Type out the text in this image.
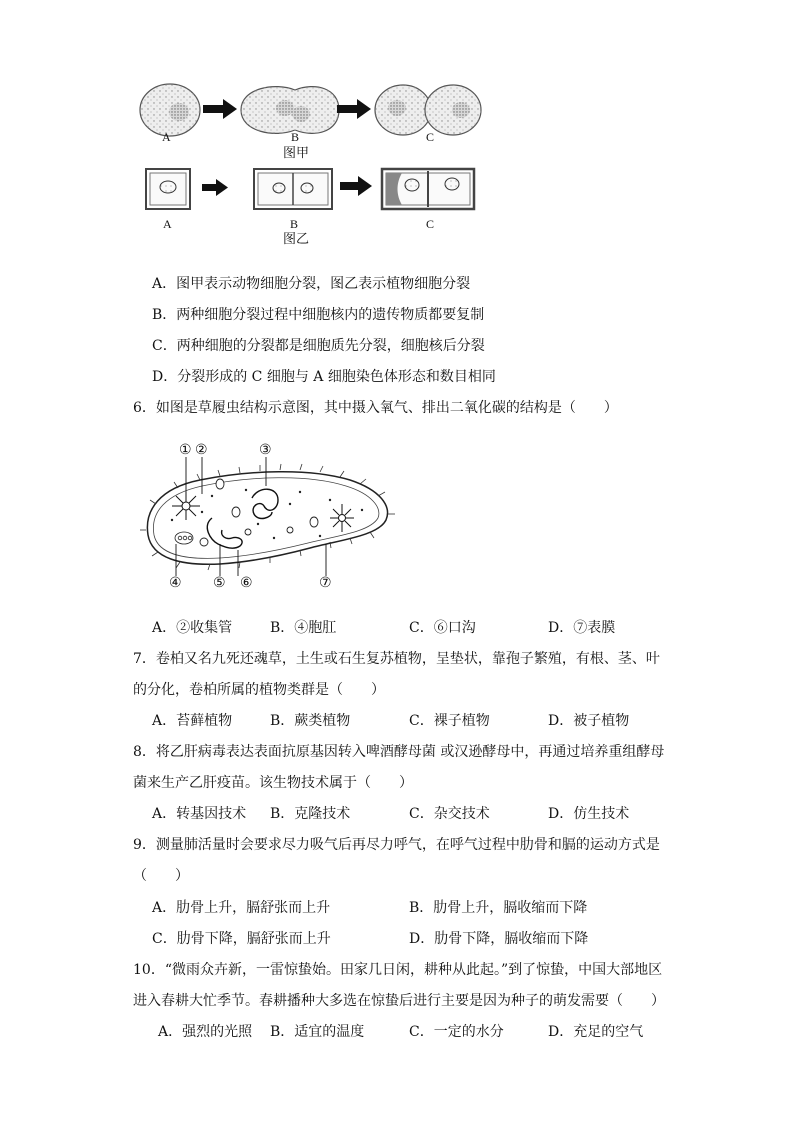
A	B	C
图甲
A	B	C
图乙
A．图甲表示动物细胞分裂，图乙表示植物细胞分裂
B．两种细胞分裂过程中细胞核内的遗传物质都要复制
C．两种细胞的分裂都是细胞质先分裂，细胞核后分裂
D．分裂形成的 C 细胞与 A 细胞染色体形态和数目相同
6．如图是草履虫结构示意图，其中摄入氧气、排出二氧化碳的结构是（　　）
① ②	③
④ ⑤ ⑥	⑦
A．②收集管	B．④胞肛	C．⑥口沟	D．⑦表膜
7．卷柏又名九死还魂草，土生或石生复苏植物，呈垫状，靠孢子繁殖，有根、茎、叶
的分化，卷柏所属的植物类群是（　　）
A．苔藓植物	B．蕨类植物	C．裸子植物	D．被子植物
8．将乙肝病毒表达表面抗原基因转入啤酒酵母菌 或汉逊酵母中，再通过培养重组酵母
菌来生产乙肝疫苗。该生物技术属于（　　）
A．转基因技术 B．克隆技术	C．杂交技术	D．仿生技术
9．测量肺活量时会要求尽力吸气后再尽力呼气，在呼气过程中肋骨和膈的运动方式是
（　　）
A．肋骨上升，膈舒张而上升	B．肋骨上升，膈收缩而下降
C．肋骨下降，膈舒张而上升	D．肋骨下降，膈收缩而下降
10．“微雨众卉新，一雷惊蛰始。田家几日闲，耕种从此起。”到了惊蛰，中国大部地区
进入春耕大忙季节。春耕播种大多选在惊蛰后进行主要是因为种子的萌发需要（　　）
A．强烈的光照 B．适宜的温度	C．一定的水分	D．充足的空气
